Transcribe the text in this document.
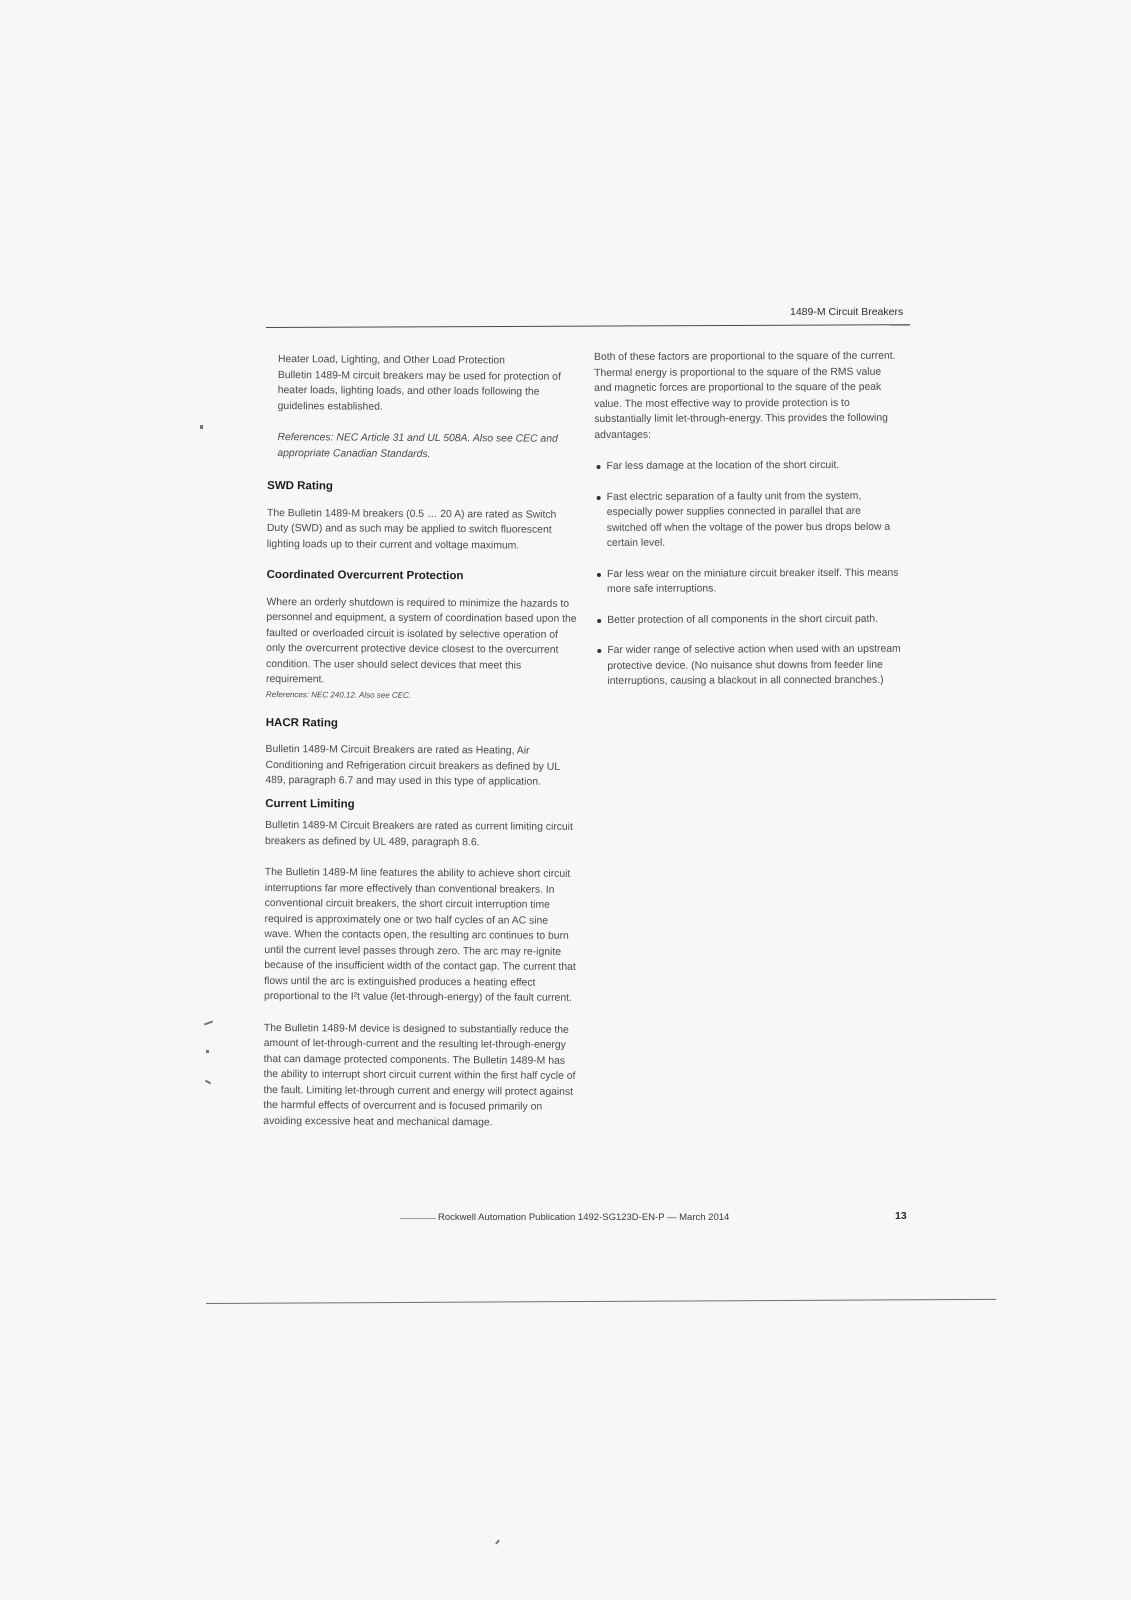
1489-M Circuit Breakers
Heater Load, Lighting, and Other Load Protection

Bulletin 1489-M circuit breakers may be used for protection of heater loads, lighting loads, and other loads following the guidelines established.

References: NEC Article 31 and UL 508A. Also see CEC and appropriate Canadian Standards.

SWD Rating

The Bulletin 1489-M breakers (0.5 … 20 A) are rated as Switch Duty (SWD) and as such may be applied to switch fluorescent lighting loads up to their current and voltage maximum.

Coordinated Overcurrent Protection

Where an orderly shutdown is required to minimize the hazards to personnel and equipment, a system of coordination based upon the faulted or overloaded circuit is isolated by selective operation of only the overcurrent protective device closest to the overcurrent condition. The user should select devices that meet this requirement.

References: NEC 240.12. Also see CEC.

HACR Rating

Bulletin 1489-M Circuit Breakers are rated as Heating, Air Conditioning and Refrigeration circuit breakers as defined by UL 489, paragraph 6.7 and may used in this type of application.

Current Limiting

Bulletin 1489-M Circuit Breakers are rated as current limiting circuit breakers as defined by UL 489, paragraph 8.6.

The Bulletin 1489-M line features the ability to achieve short circuit interruptions far more effectively than conventional breakers. In conventional circuit breakers, the short circuit interruption time required is approximately one or two half cycles of an AC sine wave. When the contacts open, the resulting arc continues to burn until the current level passes through zero. The arc may re-ignite because of the insufficient width of the contact gap. The current that flows until the arc is extinguished produces a heating effect proportional to the I²t value (let-through-energy) of the fault current.

The Bulletin 1489-M device is designed to substantially reduce the amount of let-through-current and the resulting let-through-energy that can damage protected components. The Bulletin 1489-M has the ability to interrupt short circuit current within the first half cycle of the fault. Limiting let-through current and energy will protect against the harmful effects of overcurrent and is focused primarily on avoiding excessive heat and mechanical damage.

Both of these factors are proportional to the square of the current. Thermal energy is proportional to the square of the RMS value and magnetic forces are proportional to the square of the peak value. The most effective way to provide protection is to substantially limit let-through-energy. This provides the following advantages:

Far less damage at the location of the short circuit.
Fast electric separation of a faulty unit from the system, especially power supplies connected in parallel that are switched off when the voltage of the power bus drops below a certain level.
Far less wear on the miniature circuit breaker itself. This means more safe interruptions.
Better protection of all components in the short circuit path.
Far wider range of selective action when used with an upstream protective device. (No nuisance shut downs from feeder line interruptions, causing a blackout in all connected branches.)
Rockwell Automation Publication 1492-SG123D-EN-P — March 2014	13
